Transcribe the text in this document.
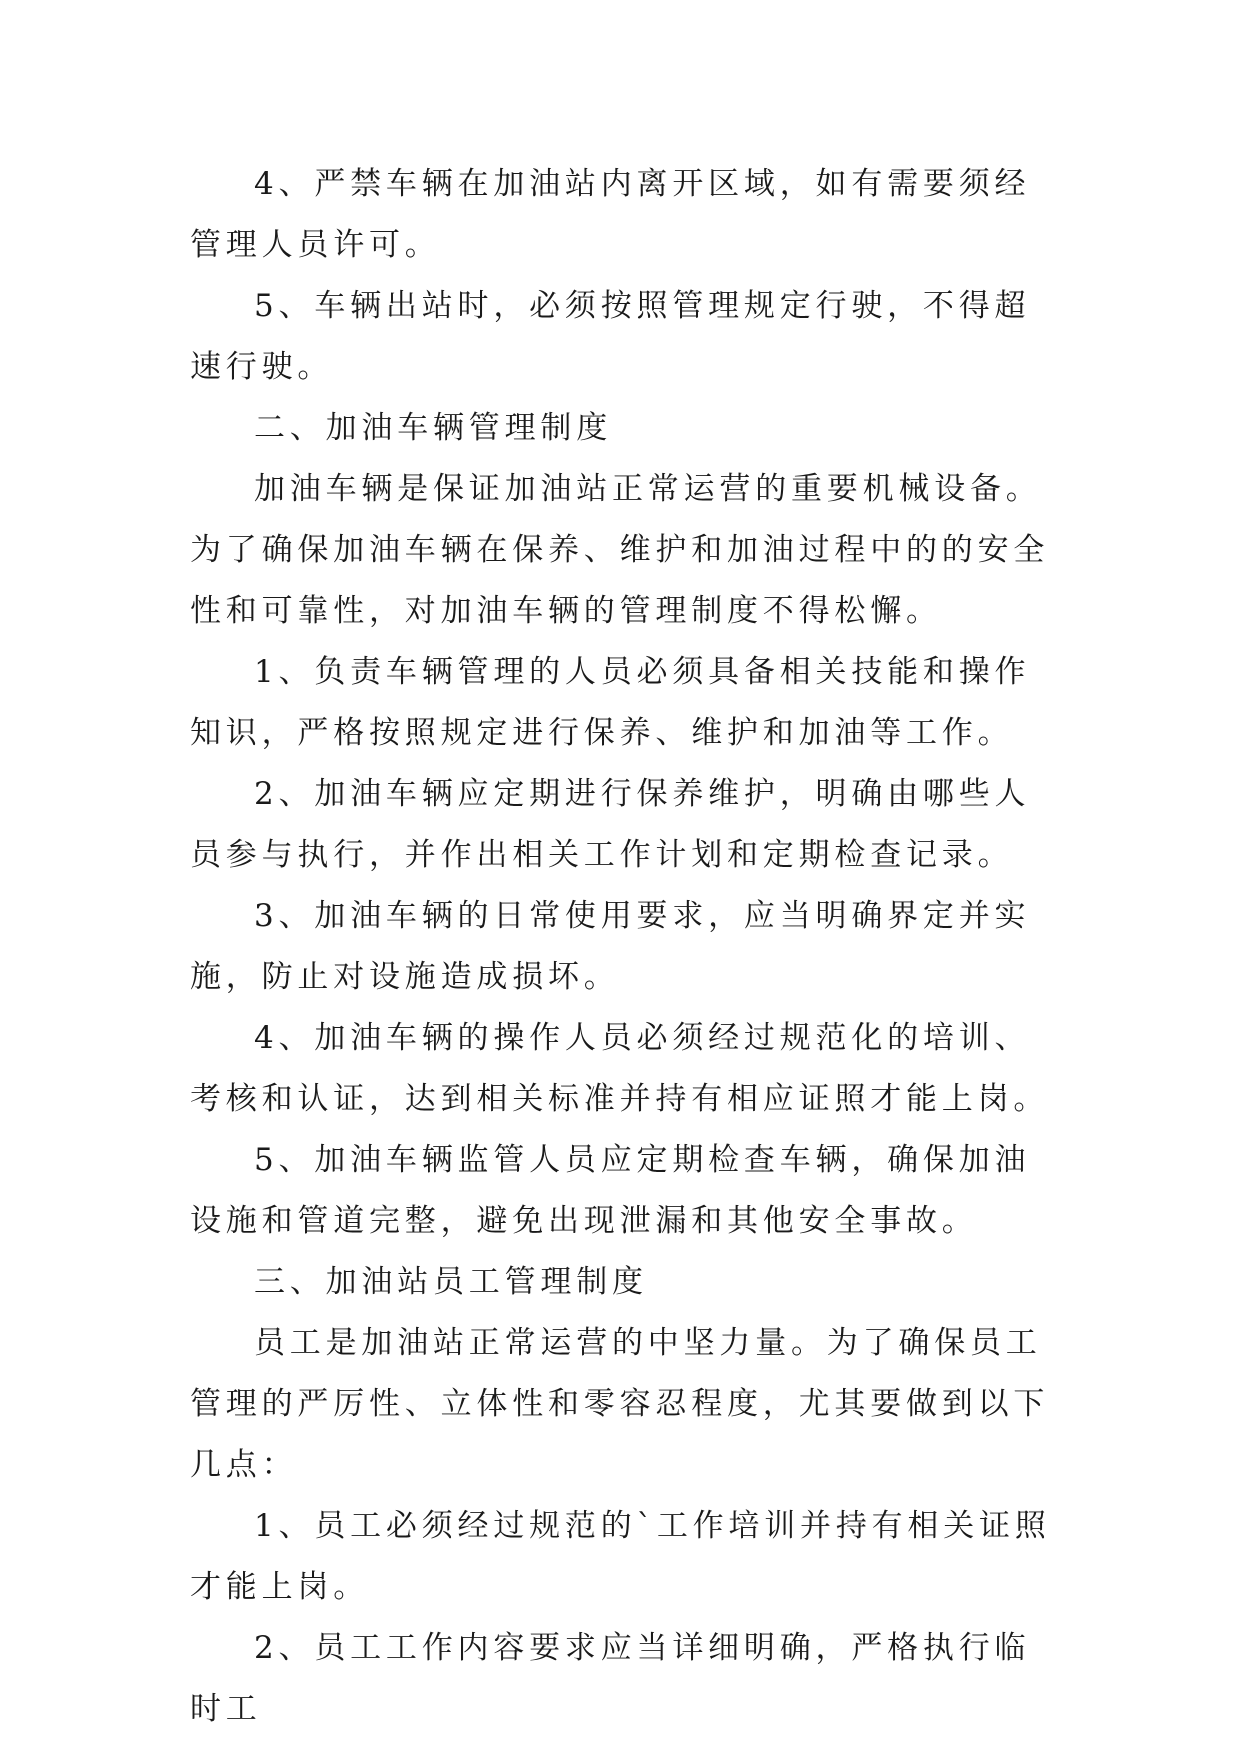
4、严禁车辆在加油站内离开区域，如有需要须经管理人员许可。

5、车辆出站时，必须按照管理规定行驶，不得超速行驶。

二、加油车辆管理制度

加油车辆是保证加油站正常运营的重要机械设备。为了确保加油车辆在保养、维护和加油过程中的的安全性和可靠性，对加油车辆的管理制度不得松懈。

1、负责车辆管理的人员必须具备相关技能和操作知识，严格按照规定进行保养、维护和加油等工作。

2、加油车辆应定期进行保养维护，明确由哪些人员参与执行，并作出相关工作计划和定期检查记录。

3、加油车辆的日常使用要求，应当明确界定并实施，防止对设施造成损坏。

4、加油车辆的操作人员必须经过规范化的培训、考核和认证，达到相关标准并持有相应证照才能上岗。

5、加油车辆监管人员应定期检查车辆，确保加油设施和管道完整，避免出现泄漏和其他安全事故。

三、加油站员工管理制度

员工是加油站正常运营的中坚力量。为了确保员工管理的严厉性、立体性和零容忍程度，尤其要做到以下几点：

1、员工必须经过规范的`工作培训并持有相关证照才能上岗。

2、员工工作内容要求应当详细明确，严格执行临时工
